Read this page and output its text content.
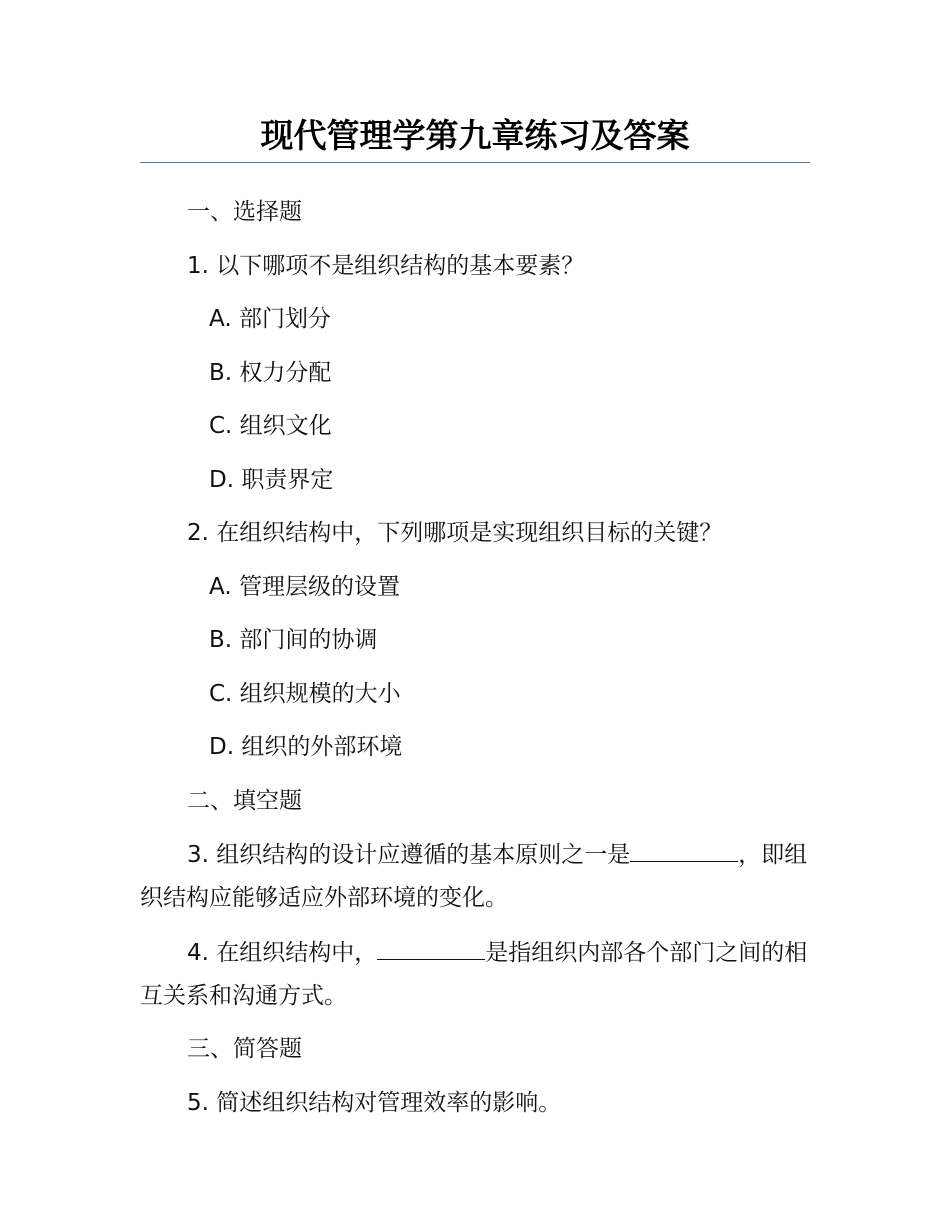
现代管理学第九章练习及答案
一、选择题
1. 以下哪项不是组织结构的基本要素？
A. 部门划分
B. 权力分配
C. 组织文化
D. 职责界定
2. 在组织结构中，下列哪项是实现组织目标的关键？
A. 管理层级的设置
B. 部门间的协调
C. 组织规模的大小
D. 组织的外部环境
二、填空题
3. 组织结构的设计应遵循的基本原则之一是	，即组织结构应能够适应外部环境的变化。
4. 在组织结构中，	是指组织内部各个部门之间的相互关系和沟通方式。
三、简答题
5. 简述组织结构对管理效率的影响。
